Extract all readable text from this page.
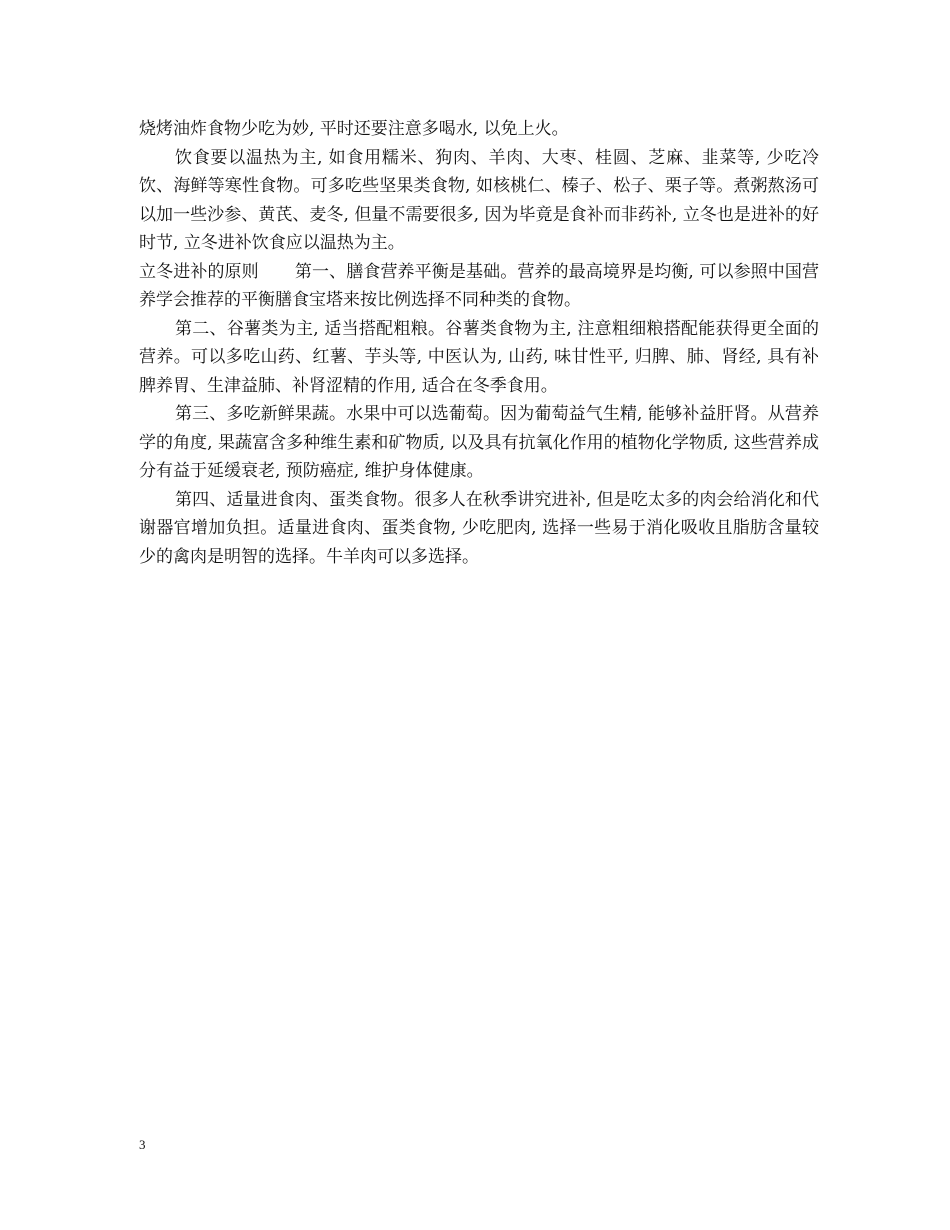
烧烤油炸食物少吃为妙, 平时还要注意多喝水, 以免上火。

饮食要以温热为主, 如食用糯米、狗肉、羊肉、大枣、桂圆、芝麻、韭菜等, 少吃冷饮、海鲜等寒性食物。可多吃些坚果类食物, 如核桃仁、榛子、松子、栗子等。煮粥熬汤可以加一些沙参、黄芪、麦冬, 但量不需要很多, 因为毕竟是食补而非药补, 立冬也是进补的好时节, 立冬进补饮食应以温热为主。

立冬进补的原则 第一、膳食营养平衡是基础。营养的最高境界是均衡, 可以参照中国营养学会推荐的平衡膳食宝塔来按比例选择不同种类的食物。

第二、谷薯类为主, 适当搭配粗粮。谷薯类食物为主, 注意粗细粮搭配能获得更全面的营养。可以多吃山药、红薯、芋头等, 中医认为, 山药, 味甘性平, 归脾、肺、肾经, 具有补脾养胃、生津益肺、补肾涩精的作用, 适合在冬季食用。

第三、多吃新鲜果蔬。水果中可以选葡萄。因为葡萄益气生精, 能够补益肝肾。从营养学的角度, 果蔬富含多种维生素和矿物质, 以及具有抗氧化作用的植物化学物质, 这些营养成分有益于延缓衰老, 预防癌症, 维护身体健康。

第四、适量进食肉、蛋类食物。很多人在秋季讲究进补, 但是吃太多的肉会给消化和代谢器官增加负担。适量进食肉、蛋类食物, 少吃肥肉, 选择一些易于消化吸收且脂肪含量较少的禽肉是明智的选择。牛羊肉可以多选择。

3
